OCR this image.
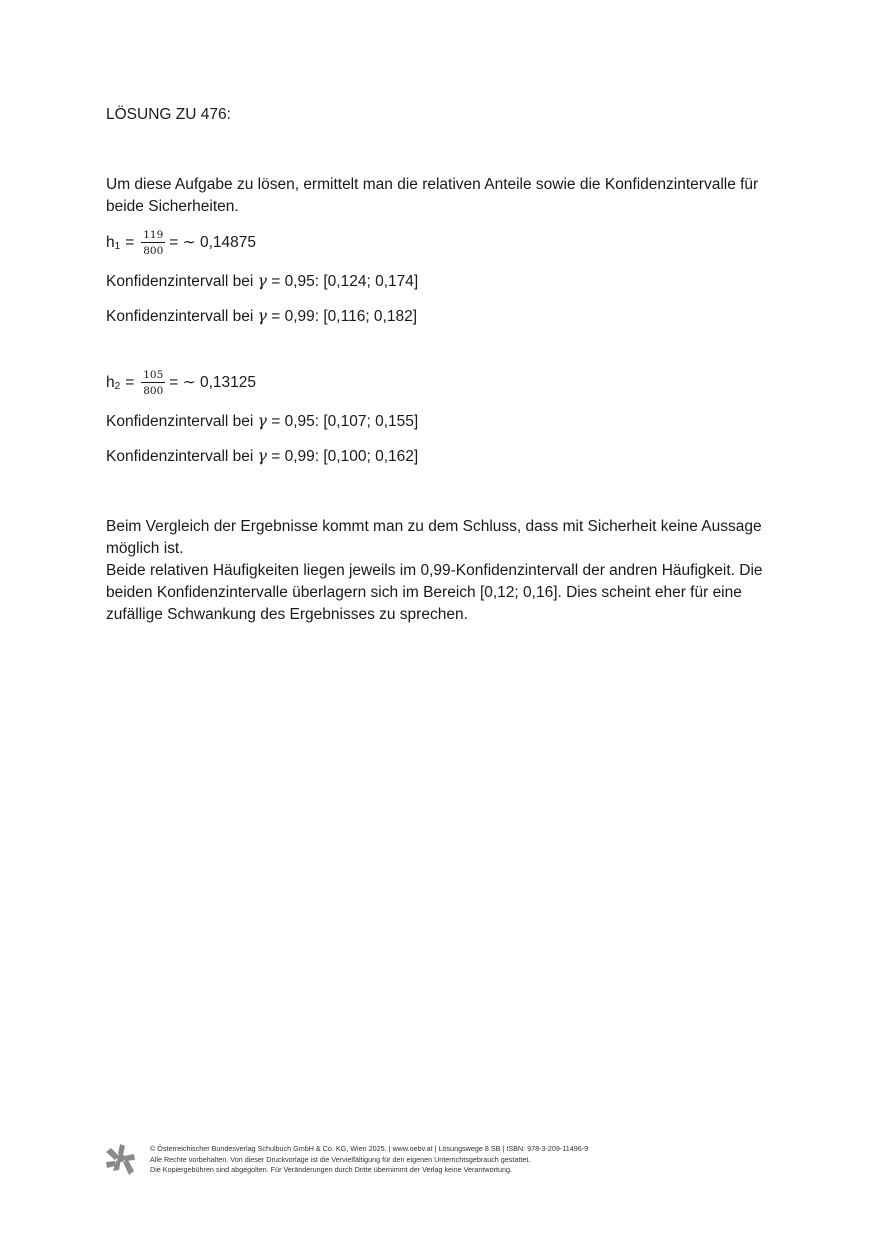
LÖSUNG ZU 476:

Um diese Aufgabe zu lösen, ermittelt man die relativen Anteile sowie die Konfidenzintervalle für beide Sicherheiten.

h $1 = \frac{119}{800}$ = ∼ 0,14875

Konfidenzintervall bei γ = 0,95: [0,124; 0,174]

Konfidenzintervall bei γ = 0,99: [0,116; 0,182]

h $2 = \frac{105}{800}$ = ∼ 0,13125

Konfidenzintervall bei γ = 0,95: [0,107; 0,155]

Konfidenzintervall bei γ = 0,99: [0,100; 0,162]

Beim Vergleich der Ergebnisse kommt man zu dem Schluss, dass mit Sicherheit keine Aussage möglich ist.

Beide relativen Häufigkeiten liegen jeweils im 0,99-Konfidenzintervall der andren Häufigkeit. Die beiden Konfidenzintervalle überlagern sich im Bereich [0,12; 0,16]. Dies scheint eher für eine zufällige Schwankung des Ergebnisses zu sprechen.

© Österreichischer Bundesverlag Schulbuch GmbH & Co. KG, Wien 2025. | www.oebv.at | Lösungswege 8 SB | ISBN: 978-3-209-11496-9
Alle Rechte vorbehalten. Von dieser Druckvorlage ist die Vervielfältigung für den eigenen Unterrichtsgebrauch gestattet.
Die Kopiergebühren sind abgegolten. Für Veränderungen durch Dritte übernimmt der Verlag keine Verantwortung.
